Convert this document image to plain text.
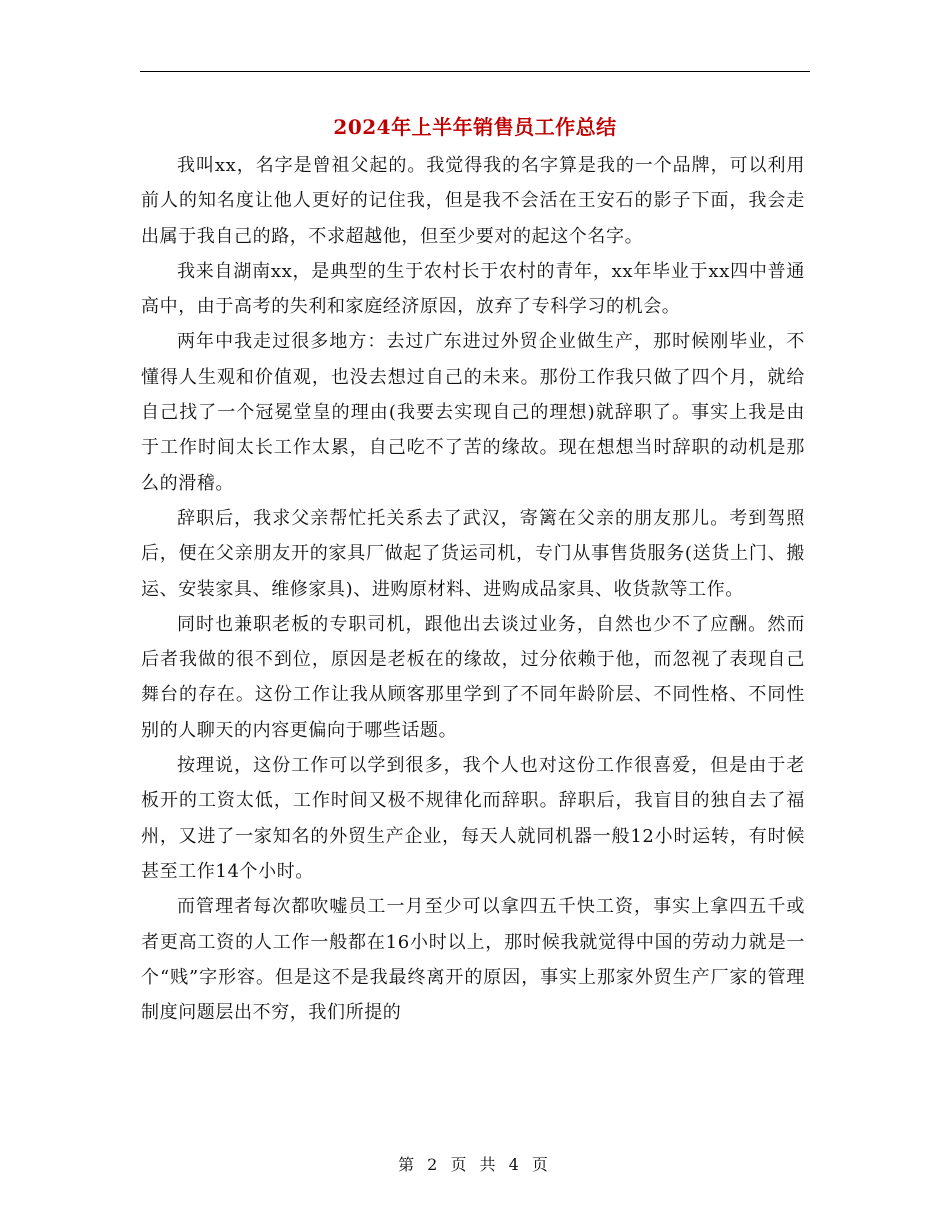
2024年上半年销售员工作总结

我叫xx，名字是曾祖父起的。我觉得我的名字算是我的一个品牌，可以利用前人的知名度让他人更好的记住我，但是我不会活在王安石的影子下面，我会走出属于我自己的路，不求超越他，但至少要对的起这个名字。

我来自湖南xx，是典型的生于农村长于农村的青年，xx年毕业于xx四中普通高中，由于高考的失利和家庭经济原因，放弃了专科学习的机会。

两年中我走过很多地方：去过广东进过外贸企业做生产，那时候刚毕业，不懂得人生观和价值观，也没去想过自己的未来。那份工作我只做了四个月，就给自己找了一个冠冕堂皇的理由(我要去实现自己的理想)就辞职了。事实上我是由于工作时间太长工作太累，自己吃不了苦的缘故。现在想想当时辞职的动机是那么的滑稽。

辞职后，我求父亲帮忙托关系去了武汉，寄篱在父亲的朋友那儿。考到驾照后，便在父亲朋友开的家具厂做起了货运司机，专门从事售货服务(送货上门、搬运、安装家具、维修家具)、进购原材料、进购成品家具、收货款等工作。

同时也兼职老板的专职司机，跟他出去谈过业务，自然也少不了应酬。然而后者我做的很不到位，原因是老板在的缘故，过分依赖于他，而忽视了表现自己舞台的存在。这份工作让我从顾客那里学到了不同年龄阶层、不同性格、不同性别的人聊天的内容更偏向于哪些话题。

按理说，这份工作可以学到很多，我个人也对这份工作很喜爱，但是由于老板开的工资太低，工作时间又极不规律化而辞职。辞职后，我盲目的独自去了福州，又进了一家知名的外贸生产企业，每天人就同机器一般12小时运转，有时候甚至工作14个小时。

而管理者每次都吹嘘员工一月至少可以拿四五千快工资，事实上拿四五千或者更高工资的人工作一般都在16小时以上，那时候我就觉得中国的劳动力就是一个“贱”字形容。但是这不是我最终离开的原因，事实上那家外贸生产厂家的管理制度问题层出不穷，我们所提的

第 2 页 共 4 页
